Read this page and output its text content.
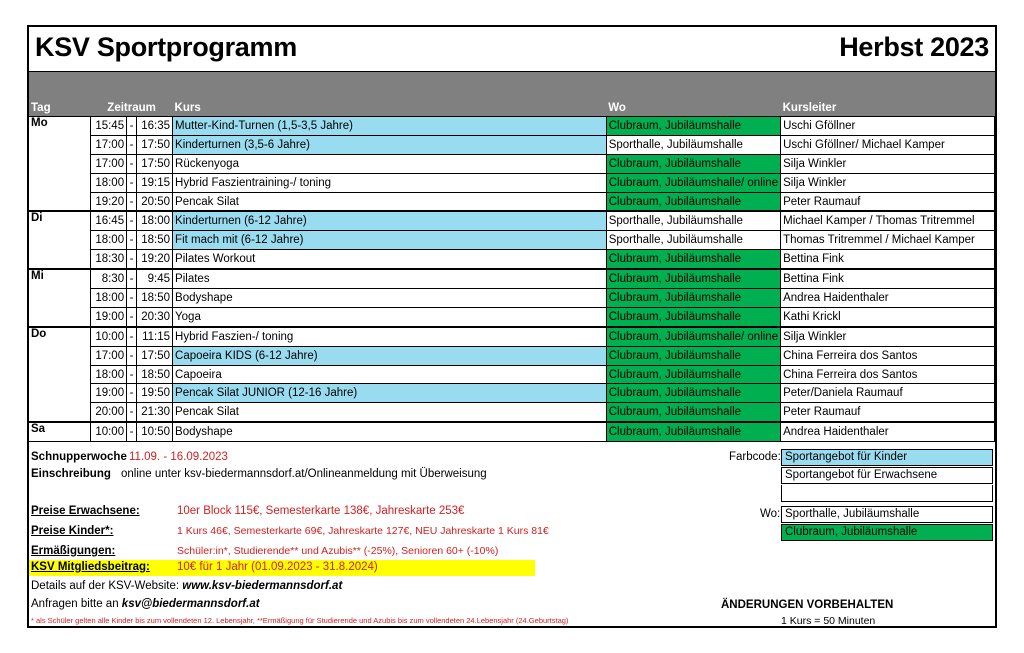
KSV Sportprogramm	Herbst 2023
Tag	Zeitraum			Kurs	Wo	Kursleiter
Mo	15:45	-	16:35	Mutter-Kind-Turnen (1,5-3,5 Jahre)	Clubraum, Jubiläumshalle	Uschi Gföllner
	17:00	-	17:50	Kinderturnen (3,5-6 Jahre)	Sporthalle, Jubiläumshalle	Uschi Gföllner/ Michael Kamper
	17:00	-	17:50	Rückenyoga	Clubraum, Jubiläumshalle	Silja Winkler
	18:00	-	19:15	Hybrid Faszientraining-/ toning	Clubraum, Jubiläumshalle/ online	Silja Winkler
	19:20	-	20:50	Pencak Silat	Clubraum, Jubiläumshalle	Peter Raumauf
Di	16:45	-	18:00	Kinderturnen (6-12 Jahre)	Sporthalle, Jubiläumshalle	Michael Kamper / Thomas Tritremmel
	18:00	-	18:50	Fit mach mit (6-12 Jahre)	Sporthalle, Jubiläumshalle	Thomas Tritremmel / Michael Kamper
	18:30	-	19:20	Pilates Workout	Clubraum, Jubiläumshalle	Bettina Fink
Mi	8:30	-	9:45	Pilates	Clubraum, Jubiläumshalle	Bettina Fink
	18:00	-	18:50	Bodyshape	Clubraum, Jubiläumshalle	Andrea Haidenthaler
	19:00	-	20:30	Yoga	Clubraum, Jubiläumshalle	Kathi Krickl
Do	10:00	-	11:15	Hybrid Faszien-/ toning	Clubraum, Jubiläumshalle/ online	Silja Winkler
	17:00	-	17:50	Capoeira KIDS (6-12 Jahre)	Clubraum, Jubiläumshalle	China Ferreira dos Santos
	18:00	-	18:50	Capoeira	Clubraum, Jubiläumshalle	China Ferreira dos Santos
	19:00	-	19:50	Pencak Silat JUNIOR (12-16 Jahre)	Clubraum, Jubiläumshalle	Peter/Daniela Raumauf
	20:00	-	21:30	Pencak Silat	Clubraum, Jubiläumshalle	Peter Raumauf
Sa	10:00	-	10:50	Bodyshape	Clubraum, Jubiläumshalle	Andrea Haidenthaler
Schnupperwoche 11.09. - 16.09.2023
Einschreibung online unter ksv-biedermannsdorf.at/Onlineanmeldung mit Überweisung
Preise Erwachsene:	10er Block 115€, Semesterkarte 138€, Jahreskarte 253€
Preise Kinder*:	1 Kurs 46€, Semesterkarte 69€, Jahreskarte 127€, NEU Jahreskarte 1 Kurs 81€
Ermäßigungen:	Schüler:in*, Studierende** und Azubis** (-25%), Senioren 60+ (-10%)
KSV Mitgliedsbeitrag: 10€ für 1 Jahr (01.09.2023 - 31.8.2024)
Details auf der KSV-Website: www.ksv-biedermannsdorf.at
Anfragen bitte an ksv@biedermannsdorf.at
* als Schüler gelten alle Kinder bis zum vollendeten 12. Lebensjahr, **Ermäßigung für Studierende und Azubis bis zum vollendeten 24.Lebensjahr (24.Geburtstag)
Farbcode: Sportangebot für Kinder
Sportangebot für Erwachsene
Wo: Sporthalle, Jubiläumshalle
Clubraum, Jubiläumshalle
ÄNDERUNGEN VORBEHALTEN
1 Kurs = 50 Minuten
